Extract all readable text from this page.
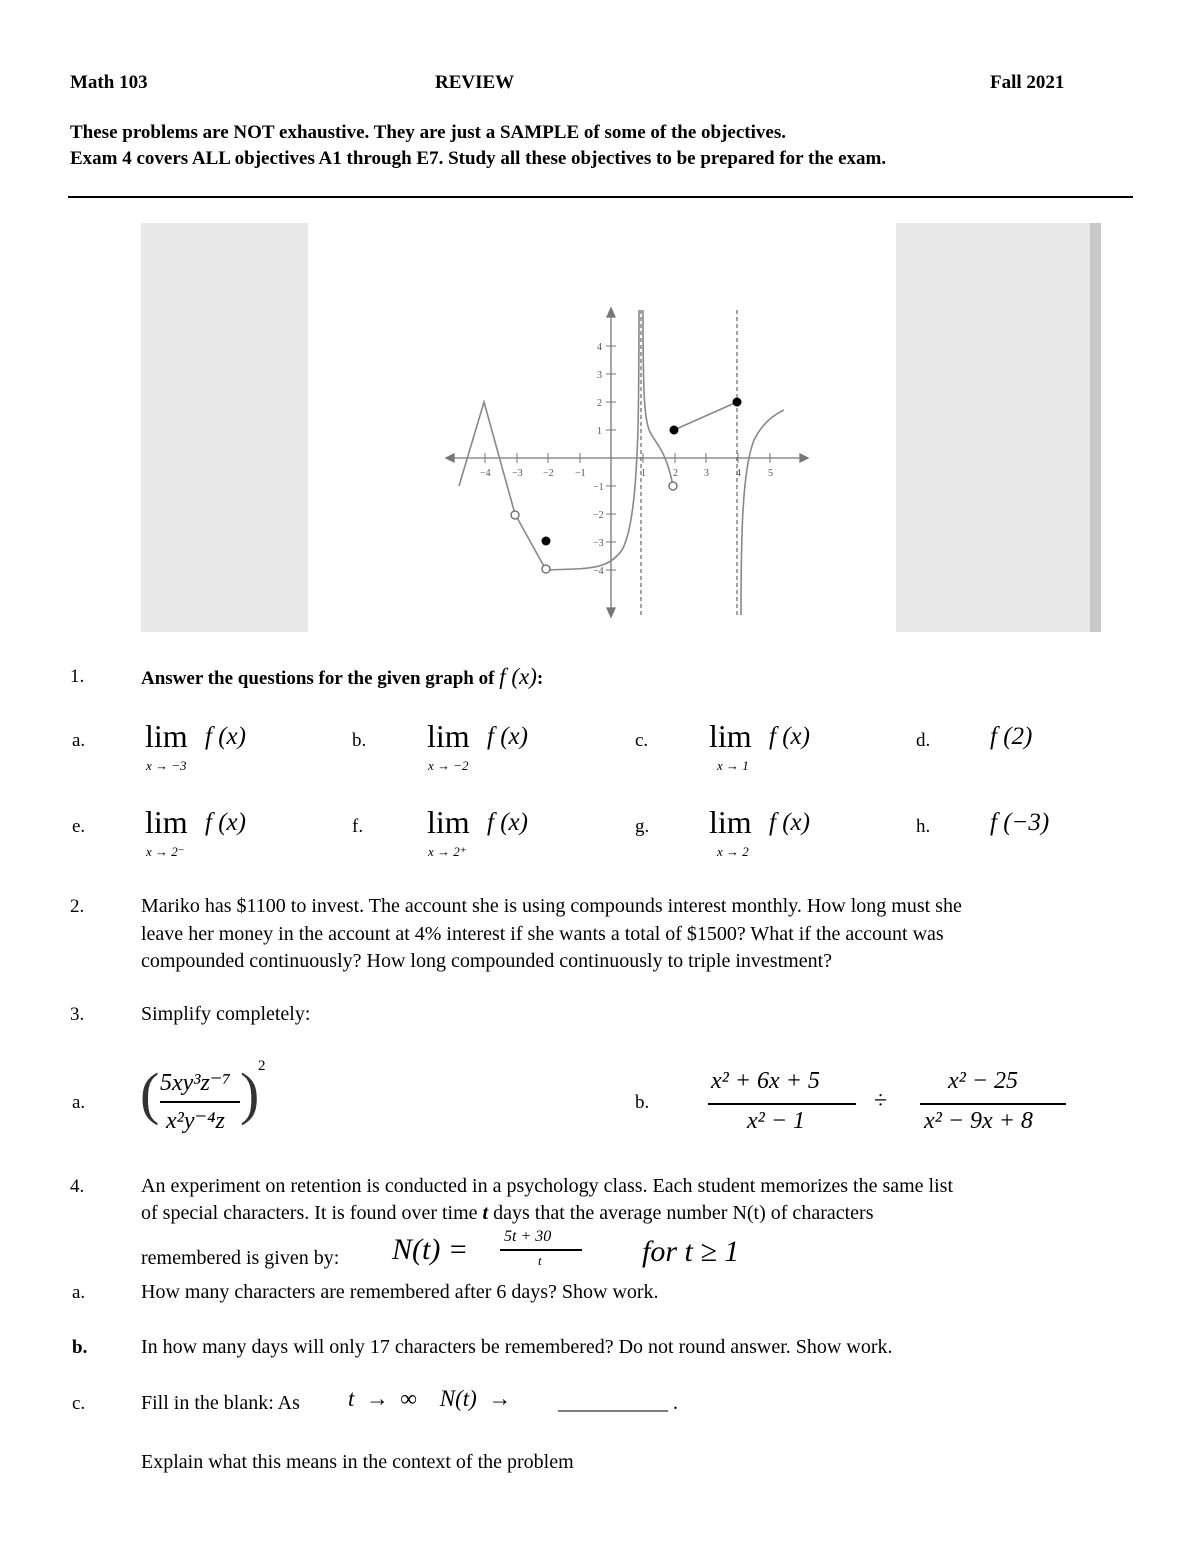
Math 103	REVIEW	Fall 2021
These problems are NOT exhaustive. They are just a SAMPLE of some of the objectives.
Exam 4 covers ALL objectives A1 through E7. Study all these objectives to be prepared for the exam.
−4 −3 −2 −1	1	2	3	4	5
4
3
2
1
−1
−2
−3
−4
1.	Answer the questions for the given graph of f (x):
a. lim f (x)
x → −3
b. lim f (x)
x → −2
c. lim f (x)
x → 1
d. f (2)
e. lim f (x)
x → 2⁻
f. lim f (x)
x → 2⁺
g. lim f (x)
x → 2
h. f (−3)
2.	Mariko has $1100 to invest. The account she is using compounds interest monthly. How long must she
leave her money in the account at 4% interest if she wants a total of $1500? What if the account was
compounded continuously? How long compounded continuously to triple investment?
3.	Simplify completely:
a. ( )
5xy³z⁻⁷
x²y⁻⁴z
2
b.
x² + 6x + 5
x² − 1
÷
x² − 25
x² − 9x + 8
4.	An experiment on retention is conducted in a psychology class. Each student memorizes the same list
of special characters. It is found over time t days that the average number N(t) of characters
remembered is given by: N(t) = 5t + 30
t	for t ≥ 1
a.	How many characters are remembered after 6 days? Show work.
b.	In how many days will only 17 characters be remembered? Do not round answer. Show work.
c.	Fill in the blank: As t  →  ∞    N(t)  → ___________ .
Explain what this means in the context of the problem
